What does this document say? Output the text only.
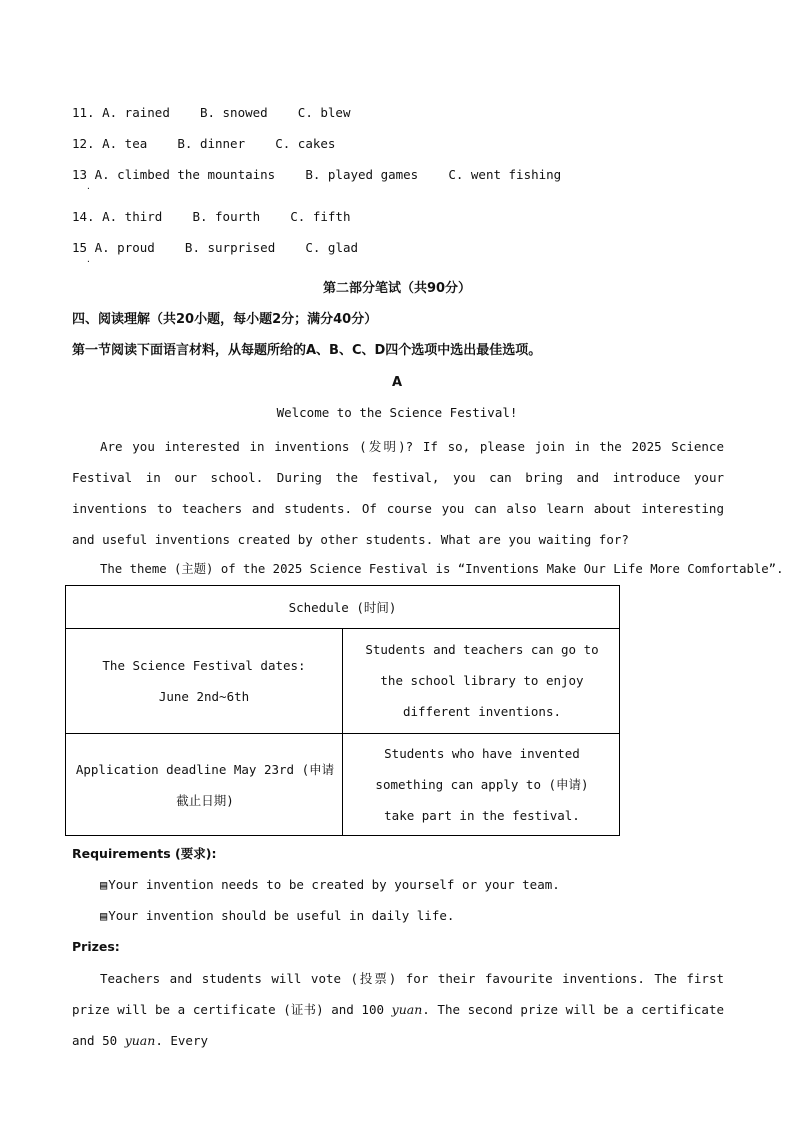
11. A. rained B. snowed C. blew
12. A. tea B. dinner C. cakes
13 A. climbed the mountains B. played games C. went fishing
.
14. A. third B. fourth C. fifth
15 A. proud B. surprised C. glad
.
第二部分笔试（共90分）
四、阅读理解（共20小题，每小题2分；满分40分）
第一节阅读下面语言材料，从每题所给的A、B、C、D四个选项中选出最佳选项。
A
Welcome to the Science Festival!
Are you interested in inventions (发明)? If so, please join in the 2025 Science Festival in our school. During the festival, you can bring and introduce your inventions to teachers and students. Of course you can also learn about interesting and useful inventions created by other students. What are you waiting for?
The theme (主题) of the 2025 Science Festival is “Inventions Make Our Life More Comfortable”.
Schedule (时间)
The Science Festival dates: June 2nd~6th
Students and teachers can go to the school library to enjoy different inventions.
Application deadline May 23rd (申请截止日期)
Students who have invented something can apply to (申请) take part in the festival.
Requirements (要求):
▤Your invention needs to be created by yourself or your team.
▤Your invention should be useful in daily life.
Prizes:
Teachers and students will vote (投票) for their favourite inventions. The first prize will be a certificate (证书) and 100 yuan. The second prize will be a certificate and 50 yuan. Every
